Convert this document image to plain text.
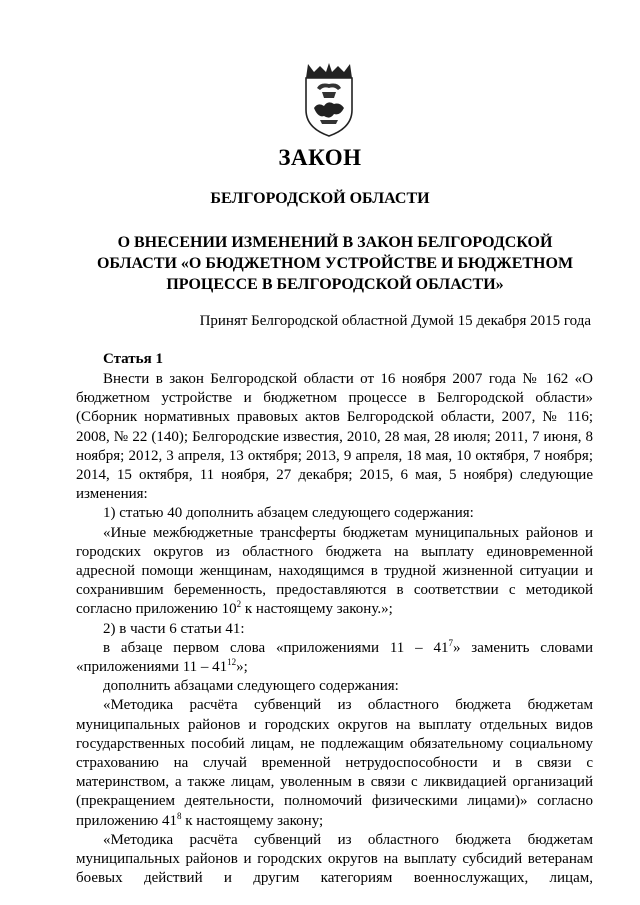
ЗАКОН
БЕЛГОРОДСКОЙ ОБЛАСТИ
О ВНЕСЕНИИ ИЗМЕНЕНИЙ В ЗАКОН БЕЛГОРОДСКОЙ ОБЛАСТИ «О БЮДЖЕТНОМ УСТРОЙСТВЕ И БЮДЖЕТНОМ ПРОЦЕССЕ В БЕЛГОРОДСКОЙ ОБЛАСТИ»
Принят Белгородской областной Думой 15 декабря 2015 года
Статья 1

Внести в закон Белгородской области от 16 ноября 2007 года № 162 «О бюджетном устройстве и бюджетном процессе в Белгородской области» (Сборник нормативных правовых актов Белгородской области, 2007, № 116; 2008, № 22 (140); Белгородские известия, 2010, 28 мая, 28 июля; 2011, 7 июня, 8 ноября; 2012, 3 апреля, 13 октября; 2013, 9 апреля, 18 мая, 10 октября, 7 ноября; 2014, 15 октября, 11 ноября, 27 декабря; 2015, 6 мая, 5 ноября) следующие изменения:

1) статью 40 дополнить абзацем следующего содержания:

«Иные межбюджетные трансферты бюджетам муниципальных районов и городских округов из областного бюджета на выплату единовременной адресной помощи женщинам, находящимся в трудной жизненной ситуации и сохранившим беременность, предоставляются в соответствии с методикой согласно приложению $10^2$ к настоящему закону.»;

2) в части 6 статьи 41:

в абзаце первом слова «приложениями $11 - 41^7$» заменить словами «приложениями $11 - 41^{12}$»;

дополнить абзацами следующего содержания:

«Методика расчёта субвенций из областного бюджета бюджетам муниципальных районов и городских округов на выплату отдельных видов государственных пособий лицам, не подлежащим обязательному социальному страхованию на случай временной нетрудоспособности и в связи с материнством, а также лицам, уволенным в связи с ликвидацией организаций (прекращением деятельности, полномочий физическими лицами)» согласно приложению $41^8$ к настоящему закону;

«Методика расчёта субвенций из областного бюджета бюджетам муниципальных районов и городских округов на выплату субсидий ветеранам боевых действий и другим категориям военнослужащих, лицам,
